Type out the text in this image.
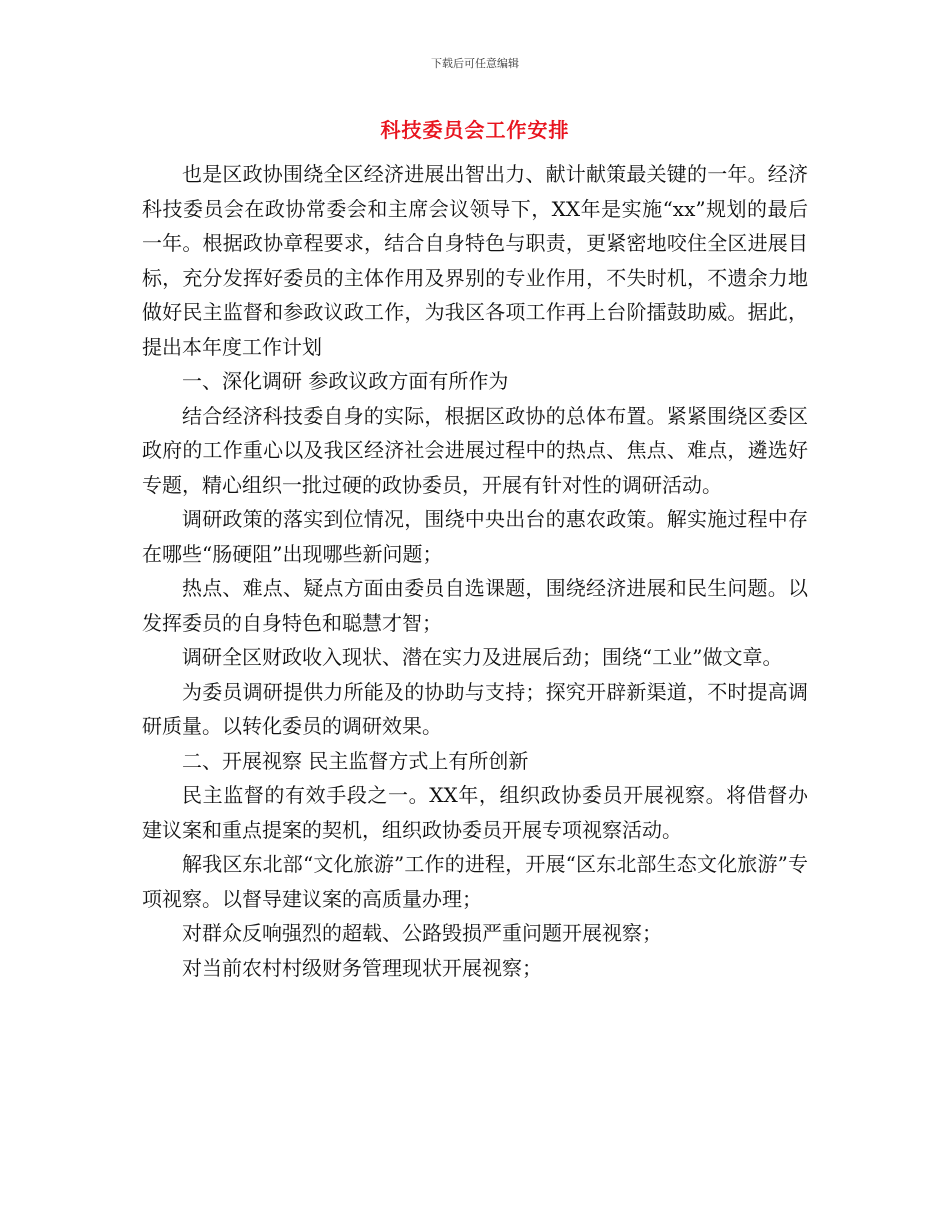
下载后可任意编辑
科技委员会工作安排

也是区政协围绕全区经济进展出智出力、献计献策最关键的一年。经济科技委员会在政协常委会和主席会议领导下，XX年是实施“xx”规划的最后一年。根据政协章程要求，结合自身特色与职责，更紧密地咬住全区进展目标，充分发挥好委员的主体作用及界别的专业作用，不失时机，不遗余力地做好民主监督和参政议政工作，为我区各项工作再上台阶擂鼓助威。据此，提出本年度工作计划

一、深化调研 参政议政方面有所作为

结合经济科技委自身的实际，根据区政协的总体布置。紧紧围绕区委区政府的工作重心以及我区经济社会进展过程中的热点、焦点、难点，遴选好专题，精心组织一批过硬的政协委员，开展有针对性的调研活动。

调研政策的落实到位情况，围绕中央出台的惠农政策。解实施过程中存在哪些“肠硬阻”出现哪些新问题；

热点、难点、疑点方面由委员自选课题，围绕经济进展和民生问题。以发挥委员的自身特色和聪慧才智；

调研全区财政收入现状、潜在实力及进展后劲；围绕“工业”做文章。

为委员调研提供力所能及的协助与支持；探究开辟新渠道，不时提高调研质量。以转化委员的调研效果。

二、开展视察 民主监督方式上有所创新

民主监督的有效手段之一。XX年，组织政协委员开展视察。将借督办建议案和重点提案的契机，组织政协委员开展专项视察活动。

解我区东北部“文化旅游”工作的进程，开展“区东北部生态文化旅游”专项视察。以督导建议案的高质量办理；

对群众反响强烈的超载、公路毁损严重问题开展视察；

对当前农村村级财务管理现状开展视察；
